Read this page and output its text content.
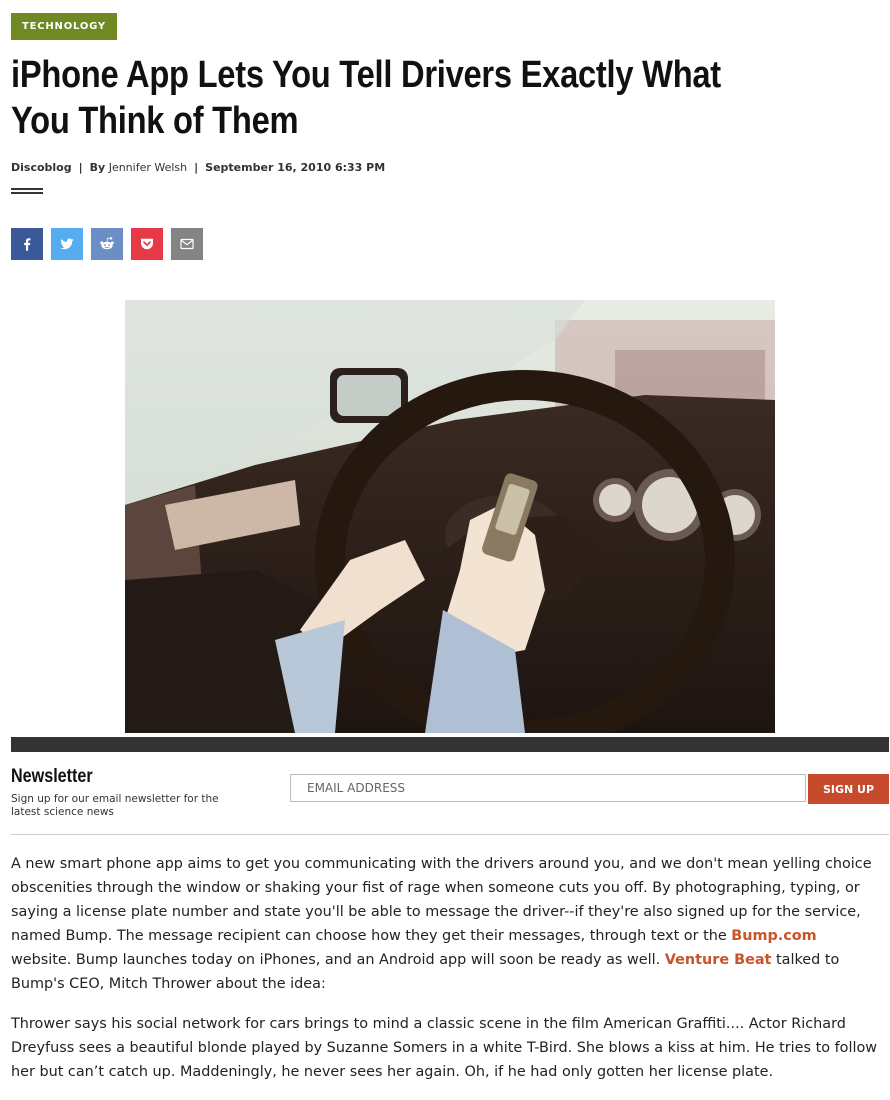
TECHNOLOGY
iPhone App Lets You Tell Drivers Exactly What You Think of Them
Discoblog | By Jennifer Welsh | September 16, 2010 6:33 PM
Newsletter
Sign up for our email newsletter for the latest science news
EMAIL ADDRESS
SIGN UP

A new smart phone app aims to get you communicating with the drivers around you, and we don't mean yelling choice obscenities through the window or shaking your fist of rage when someone cuts you off. By photographing, typing, or saying a license plate number and state you'll be able to message the driver--if they're also signed up for the service, named Bump. The message recipient can choose how they get their messages, through text or the Bump.com website. Bump launches today on iPhones, and an Android app will soon be ready as well. Venture Beat talked to Bump's CEO, Mitch Thrower about the idea:

Thrower says his social network for cars brings to mind a classic scene in the film American Graffiti.... Actor Richard Dreyfuss sees a beautiful blonde played by Suzanne Somers in a white T-Bird. She blows a kiss at him. He tries to follow her but can’t catch up. Maddeningly, he never sees her again. Oh, if he had only gotten her license plate.
